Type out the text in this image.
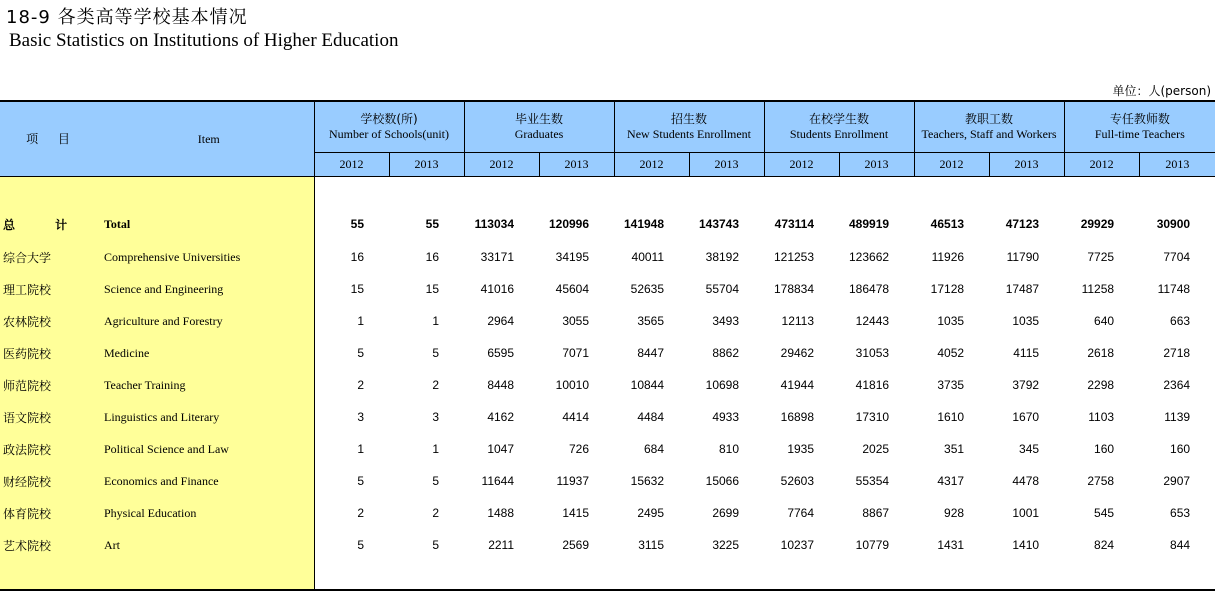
18-9 各类高等学校基本情况
Basic Statistics on Institutions of Higher Education
单位：人(person)
项 目	Item	学校数(所)
Number of Schools(unit)		毕业生数
Graduates		招生数
New Students Enrollment		在校学生数
Students Enrollment		教职工数
Teachers, Staff and Workers		专任教师数
Full-time Teachers	

		2012	2013	2012	2013	2012	2013	2012	2013	2012	2013	2012	2013

总 计	Total	55	55	113034	120996	141948	143743	473114	489919	46513	47123	29929	30900
综合大学	Comprehensive Universities	16	16	33171	34195	40011	38192	121253	123662	11926	11790	7725	7704
理工院校	Science and Engineering	15	15	41016	45604	52635	55704	178834	186478	17128	17487	11258	11748
农林院校	Agriculture and Forestry	1	1	2964	3055	3565	3493	12113	12443	1035	1035	640	663
医药院校	Medicine	5	5	6595	7071	8447	8862	29462	31053	4052	4115	2618	2718
师范院校	Teacher Training	2	2	8448	10010	10844	10698	41944	41816	3735	3792	2298	2364
语文院校	Linguistics and Literary	3	3	4162	4414	4484	4933	16898	17310	1610	1670	1103	1139
政法院校	Political Science and Law	1	1	1047	726	684	810	1935	2025	351	345	160	160
财经院校	Economics and Finance	5	5	11644	11937	15632	15066	52603	55354	4317	4478	2758	2907
体育院校	Physical Education	2	2	1488	1415	2495	2699	7764	8867	928	1001	545	653
艺术院校	Art	5	5	2211	2569	3115	3225	10237	10779	1431	1410	824	844
